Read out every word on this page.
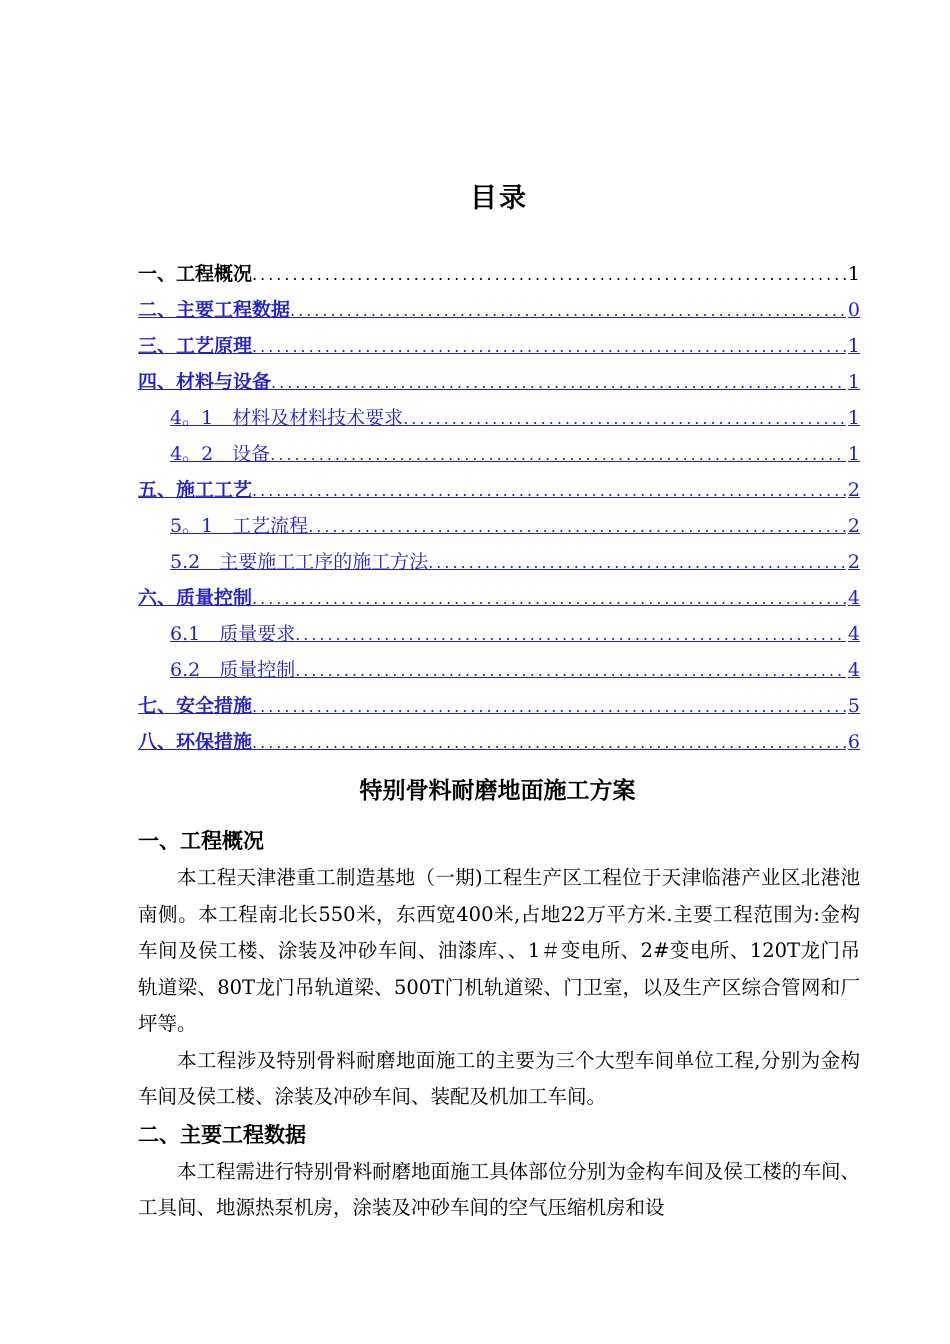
目录
一、工程概况 .....	1
二、主要工程数据 .....	0
三、工艺原理 .....	1
四、材料与设备 .....	1
4。1　材料及材料技术要求 .....	1
4。2　设备 .....	1
五、施工工艺 .....	2
5。1　工艺流程 .....	2
5.2　主要施工工序的施工方法 .....	2
六、质量控制 .....	4
6.1　质量要求 .....	4
6.2　质量控制 .....	4
七、安全措施 .....	5
八、环保措施 .....	6
特别骨料耐磨地面施工方案
一、工程概况

本工程天津港重工制造基地（一期)工程生产区工程位于天津临港产业区北港池南侧。本工程南北长550米，东西宽400米,占地22万平方米.主要工程范围为:金构车间及侯工楼、涂装及冲砂车间、油漆库、、1＃变电所、2#变电所、120T龙门吊轨道梁、80T龙门吊轨道梁、500T门机轨道梁、门卫室，以及生产区综合管网和厂坪等。

本工程涉及特别骨料耐磨地面施工的主要为三个大型车间单位工程,分别为金构车间及侯工楼、涂装及冲砂车间、装配及机加工车间。

二、主要工程数据

本工程需进行特别骨料耐磨地面施工具体部位分别为金构车间及侯工楼的车间、工具间、地源热泵机房，涂装及冲砂车间的空气压缩机房和设
